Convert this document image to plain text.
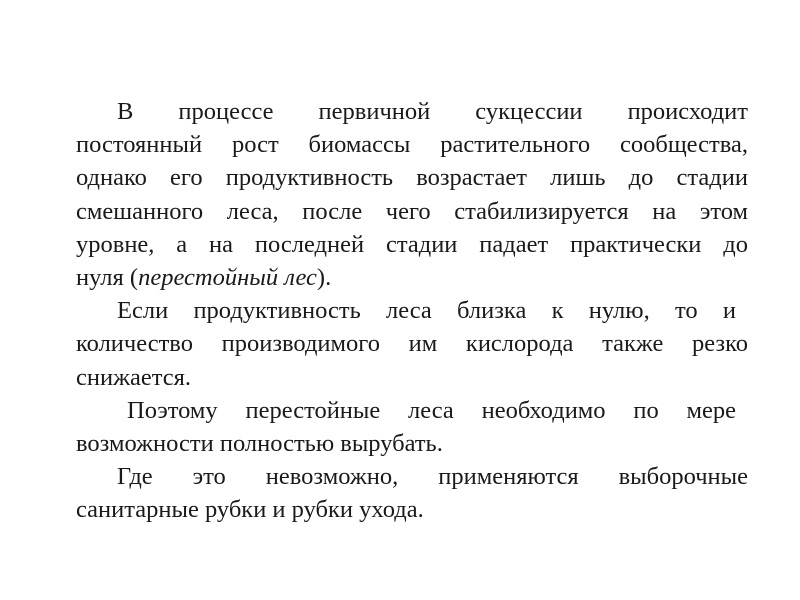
В процессе первичной сукцессии происходит
постоянный рост биомассы растительного сообщества,
однако его продуктивность возрастает лишь до стадии
смешанного леса, после чего стабилизируется на этом
уровне, а на последней стадии падает практически до
нуля (перестойный лес).
Если продуктивность леса близка к нулю, то и
количество производимого им кислорода также резко
снижается.
Поэтому перестойные леса необходимо по мере
возможности полностью вырубать.
Где это невозможно, применяются выборочные
санитарные рубки и рубки ухода.
